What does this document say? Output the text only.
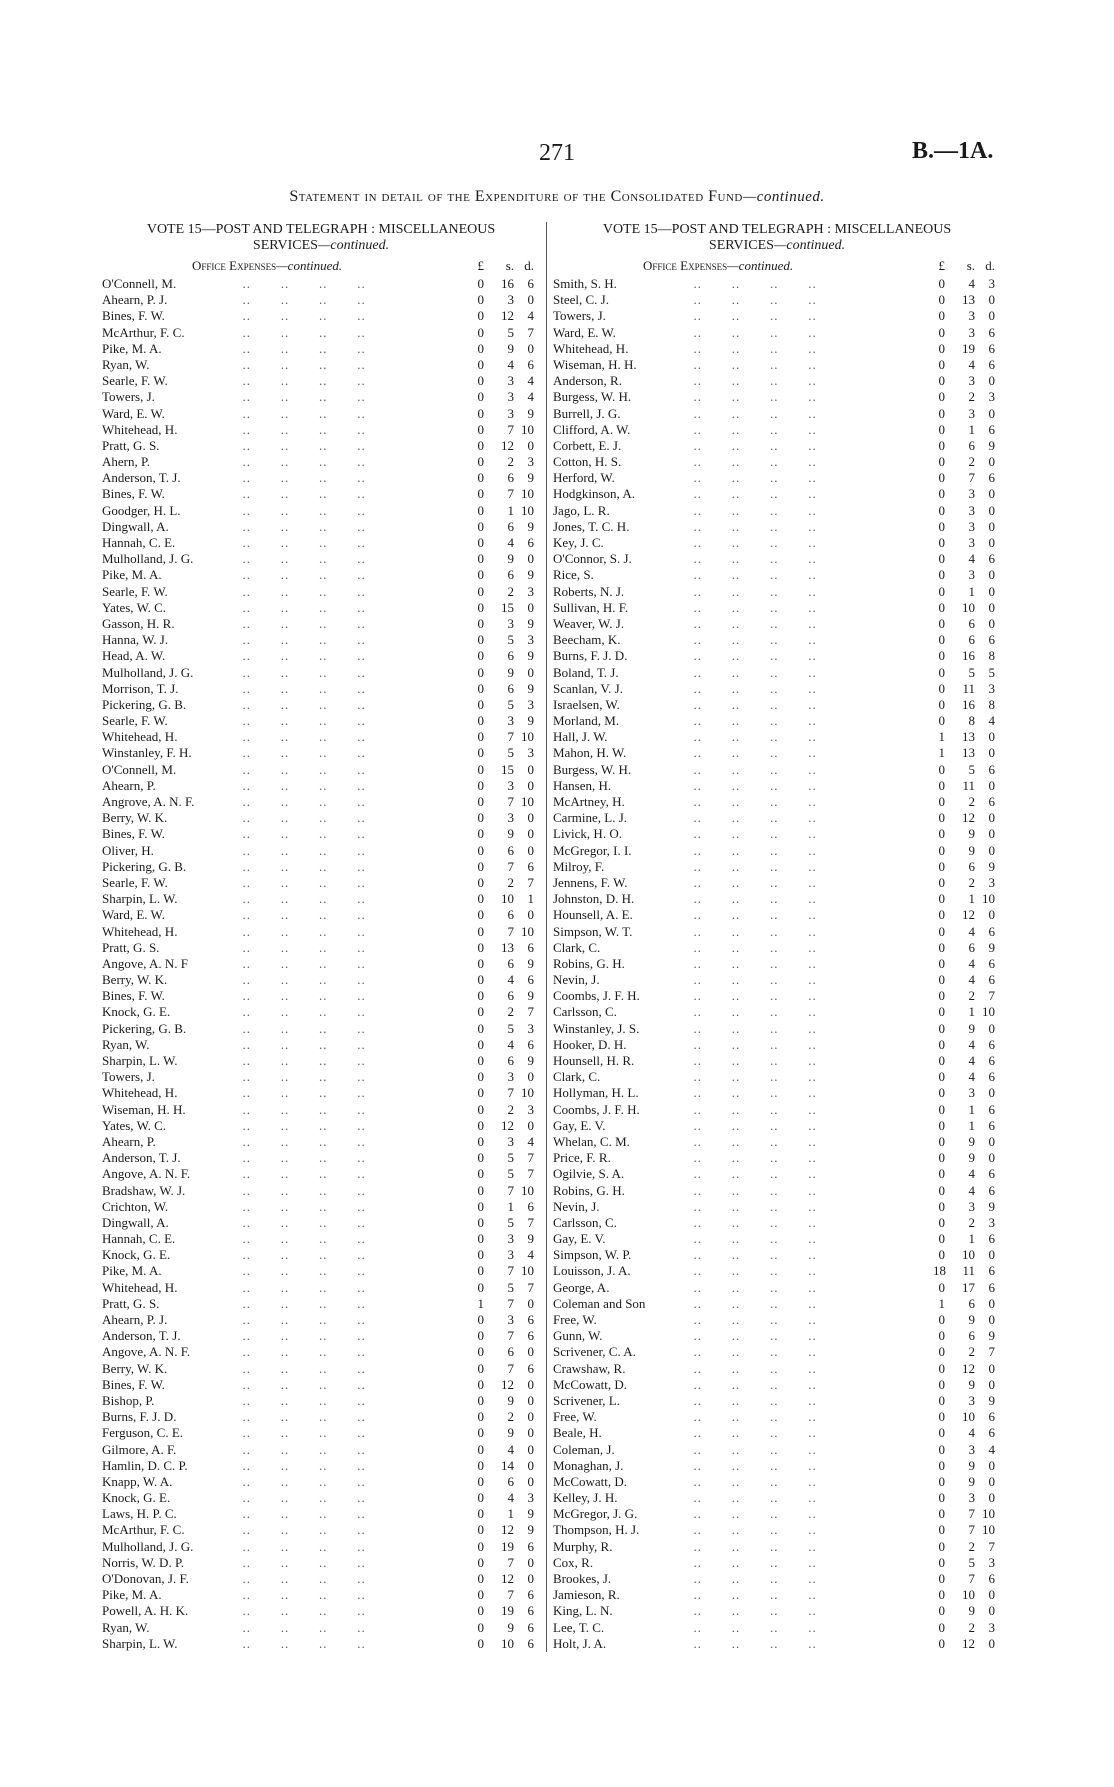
271	B.—1A.
Statement in detail of the Expenditure of the Consolidated Fund—continued.

VOTE 15—POST AND TELEGRAPH : MISCELLANEOUS
SERVICES—continued.

Office Expenses—continued.	£	s. d.
O'Connell, M.	..       ..       ..       ..	0	16	6
Ahearn, P. J.	..       ..       ..       ..	0	3	0
Bines, F. W.	..       ..       ..       ..	0	12	4
McArthur, F. C.	..       ..       ..       ..	0	5	7
Pike, M. A.	..       ..       ..       ..	0	9	0
Ryan, W.	..       ..       ..       ..	0	4	6
Searle, F. W.	..       ..       ..       ..	0	3	4
Towers, J.	..       ..       ..       ..	0	3	4
Ward, E. W.	..       ..       ..       ..	0	3	9
Whitehead, H.	..       ..       ..       ..	0	7 10
Pratt, G. S.	..       ..       ..       ..	0	12	0
Ahern, P.	..       ..       ..       ..	0	2	3
Anderson, T. J.	..       ..       ..       ..	0	6	9
Bines, F. W.	..       ..       ..       ..	0	7 10
Goodger, H. L.	..       ..       ..       ..	0	1 10
Dingwall, A.	..       ..       ..       ..	0	6	9
Hannah, C. E.	..       ..       ..       ..	0	4	6
Mulholland, J. G.	..       ..       ..       ..	0	9	0
Pike, M. A.	..       ..       ..       ..	0	6	9
Searle, F. W.	..       ..       ..       ..	0	2	3
Yates, W. C.	..       ..       ..       ..	0	15	0
Gasson, H. R.	..       ..       ..       ..	0	3	9
Hanna, W. J.	..       ..       ..       ..	0	5	3
Head, A. W.	..       ..       ..       ..	0	6	9
Mulholland, J. G.	..       ..       ..       ..	0	9	0
Morrison, T. J.	..       ..       ..       ..	0	6	9
Pickering, G. B.	..       ..       ..       ..	0	5	3
Searle, F. W.	..       ..       ..       ..	0	3	9
Whitehead, H.	..       ..       ..       ..	0	7 10
Winstanley, F. H.	..       ..       ..       ..	0	5	3
O'Connell, M.	..       ..       ..       ..	0	15	0
Ahearn, P.	..       ..       ..       ..	0	3	0
Angrove, A. N. F.	..       ..       ..       ..	0	7 10
Berry, W. K.	..       ..       ..       ..	0	3	0
Bines, F. W.	..       ..       ..       ..	0	9	0
Oliver, H.	..       ..       ..       ..	0	6	0
Pickering, G. B.	..       ..       ..       ..	0	7	6
Searle, F. W.	..       ..       ..       ..	0	2	7
Sharpin, L. W.	..       ..       ..       ..	0	10	1
Ward, E. W.	..       ..       ..       ..	0	6	0
Whitehead, H.	..       ..       ..       ..	0	7 10
Pratt, G. S.	..       ..       ..       ..	0	13	6
Angove, A. N. F	..       ..       ..       ..	0	6	9
Berry, W. K.	..       ..       ..       ..	0	4	6
Bines, F. W.	..       ..       ..       ..	0	6	9
Knock, G. E.	..       ..       ..       ..	0	2	7
Pickering, G. B.	..       ..       ..       ..	0	5	3
Ryan, W.	..       ..       ..       ..	0	4	6
Sharpin, L. W.	..       ..       ..       ..	0	6	9
Towers, J.	..       ..       ..       ..	0	3	0
Whitehead, H.	..       ..       ..       ..	0	7 10
Wiseman, H. H.	..       ..       ..       ..	0	2	3
Yates, W. C.	..       ..       ..       ..	0	12	0
Ahearn, P.	..       ..       ..       ..	0	3	4
Anderson, T. J.	..       ..       ..       ..	0	5	7
Angove, A. N. F.	..       ..       ..       ..	0	5	7
Bradshaw, W. J.	..       ..       ..       ..	0	7 10
Crichton, W.	..       ..       ..       ..	0	1	6
Dingwall, A.	..       ..       ..       ..	0	5	7
Hannah, C. E.	..       ..       ..       ..	0	3	9
Knock, G. E.	..       ..       ..       ..	0	3	4
Pike, M. A.	..       ..       ..       ..	0	7 10
Whitehead, H.	..       ..       ..       ..	0	5	7
Pratt, G. S.	..       ..       ..       ..	1	7	0
Ahearn, P. J.	..       ..       ..       ..	0	3	6
Anderson, T. J.	..       ..       ..       ..	0	7	6
Angove, A. N. F.	..       ..       ..       ..	0	6	0
Berry, W. K.	..       ..       ..       ..	0	7	6
Bines, F. W.	..       ..       ..       ..	0	12	0
Bishop, P.	..       ..       ..       ..	0	9	0
Burns, F. J. D.	..       ..       ..       ..	0	2	0
Ferguson, C. E.	..       ..       ..       ..	0	9	0
Gilmore, A. F.	..       ..       ..       ..	0	4	0
Hamlin, D. C. P.	..       ..       ..       ..	0	14	0
Knapp, W. A.	..       ..       ..       ..	0	6	0
Knock, G. E.	..       ..       ..       ..	0	4	3
Laws, H. P. C.	..       ..       ..       ..	0	1	9
McArthur, F. C.	..       ..       ..       ..	0	12	9
Mulholland, J. G.	..       ..       ..       ..	0	19	6
Norris, W. D. P.	..       ..       ..       ..	0	7	0
O'Donovan, J. F.	..       ..       ..       ..	0	12	0
Pike, M. A.	..       ..       ..       ..	0	7	6
Powell, A. H. K.	..       ..       ..       ..	0	19	6
Ryan, W.	..       ..       ..       ..	0	9	6
Sharpin, L. W.	..       ..       ..       ..	0	10	6

VOTE 15—POST AND TELEGRAPH : MISCELLANEOUS
SERVICES—continued.

Office Expenses—continued.	£	s. d.
Smith, S. H.	..       ..       ..       ..	0	4	3
Steel, C. J.	..       ..       ..       ..	0	13	0
Towers, J.	..       ..       ..       ..	0	3	0
Ward, E. W.	..       ..       ..       ..	0	3	6
Whitehead, H.	..       ..       ..       ..	0	19	6
Wiseman, H. H.	..       ..       ..       ..	0	4	6
Anderson, R.	..       ..       ..       ..	0	3	0
Burgess, W. H.	..       ..       ..       ..	0	2	3
Burrell, J. G.	..       ..       ..       ..	0	3	0
Clifford, A. W.	..       ..       ..       ..	0	1	6
Corbett, E. J.	..       ..       ..       ..	0	6	9
Cotton, H. S.	..       ..       ..       ..	0	2	0
Herford, W.	..       ..       ..       ..	0	7	6
Hodgkinson, A.	..       ..       ..       ..	0	3	0
Jago, L. R.	..       ..       ..       ..	0	3	0
Jones, T. C. H.	..       ..       ..       ..	0	3	0
Key, J. C.	..       ..       ..       ..	0	3	0
O'Connor, S. J.	..       ..       ..       ..	0	4	6
Rice, S.	..       ..       ..       ..	0	3	0
Roberts, N. J.	..       ..       ..       ..	0	1	0
Sullivan, H. F.	..       ..       ..       ..	0	10	0
Weaver, W. J.	..       ..       ..       ..	0	6	0
Beecham, K.	..       ..       ..       ..	0	6	6
Burns, F. J. D.	..       ..       ..       ..	0	16	8
Boland, T. J.	..       ..       ..       ..	0	5	5
Scanlan, V. J.	..       ..       ..       ..	0	11	3
Israelsen, W.	..       ..       ..       ..	0	16	8
Morland, M.	..       ..       ..       ..	0	8	4
Hall, J. W.	..       ..       ..       ..	1	13	0
Mahon, H. W.	..       ..       ..       ..	1	13	0
Burgess, W. H.	..       ..       ..       ..	0	5	6
Hansen, H.	..       ..       ..       ..	0	11	0
McArtney, H.	..       ..       ..       ..	0	2	6
Carmine, L. J.	..       ..       ..       ..	0	12	0
Livick, H. O.	..       ..       ..       ..	0	9	0
McGregor, I. I.	..       ..       ..       ..	0	9	0
Milroy, F.	..       ..       ..       ..	0	6	9
Jennens, F. W.	..       ..       ..       ..	0	2	3
Johnston, D. H.	..       ..       ..       ..	0	1 10
Hounsell, A. E.	..       ..       ..       ..	0	12	0
Simpson, W. T.	..       ..       ..       ..	0	4	6
Clark, C.	..       ..       ..       ..	0	6	9
Robins, G. H.	..       ..       ..       ..	0	4	6
Nevin, J.	..       ..       ..       ..	0	4	6
Coombs, J. F. H.	..       ..       ..       ..	0	2	7
Carlsson, C.	..       ..       ..       ..	0	1 10
Winstanley, J. S.	..       ..       ..       ..	0	9	0
Hooker, D. H.	..       ..       ..       ..	0	4	6
Hounsell, H. R.	..       ..       ..       ..	0	4	6
Clark, C.	..       ..       ..       ..	0	4	6
Hollyman, H. L.	..       ..       ..       ..	0	3	0
Coombs, J. F. H.	..       ..       ..       ..	0	1	6
Gay, E. V.	..       ..       ..       ..	0	1	6
Whelan, C. M.	..       ..       ..       ..	0	9	0
Price, F. R.	..       ..       ..       ..	0	9	0
Ogilvie, S. A.	..       ..       ..       ..	0	4	6
Robins, G. H.	..       ..       ..       ..	0	4	6
Nevin, J.	..       ..       ..       ..	0	3	9
Carlsson, C.	..       ..       ..       ..	0	2	3
Gay, E. V.	..       ..       ..       ..	0	1	6
Simpson, W. P.	..       ..       ..       ..	0	10	0
Louisson, J. A.	..       ..       ..       ..	18	11	6
George, A.	..       ..       ..       ..	0	17	6
Coleman and Son	..       ..       ..       ..	1	6	0
Free, W.	..       ..       ..       ..	0	9	0
Gunn, W.	..       ..       ..       ..	0	6	9
Scrivener, C. A.	..       ..       ..       ..	0	2	7
Crawshaw, R.	..       ..       ..       ..	0	12	0
McCowatt, D.	..       ..       ..       ..	0	9	0
Scrivener, L.	..       ..       ..       ..	0	3	9
Free, W.	..       ..       ..       ..	0	10	6
Beale, H.	..       ..       ..       ..	0	4	6
Coleman, J.	..       ..       ..       ..	0	3	4
Monaghan, J.	..       ..       ..       ..	0	9	0
McCowatt, D.	..       ..       ..       ..	0	9	0
Kelley, J. H.	..       ..       ..       ..	0	3	0
McGregor, J. G.	..       ..       ..       ..	0	7 10
Thompson, H. J.	..       ..       ..       ..	0	7 10
Murphy, R.	..       ..       ..       ..	0	2	7
Cox, R.	..       ..       ..       ..	0	5	3
Brookes, J.	..       ..       ..       ..	0	7	6
Jamieson, R.	..       ..       ..       ..	0	10	0
King, L. N.	..       ..       ..       ..	0	9	0
Lee, T. C.	..       ..       ..       ..	0	2	3
Holt, J. A.	..       ..       ..       ..	0	12	0
